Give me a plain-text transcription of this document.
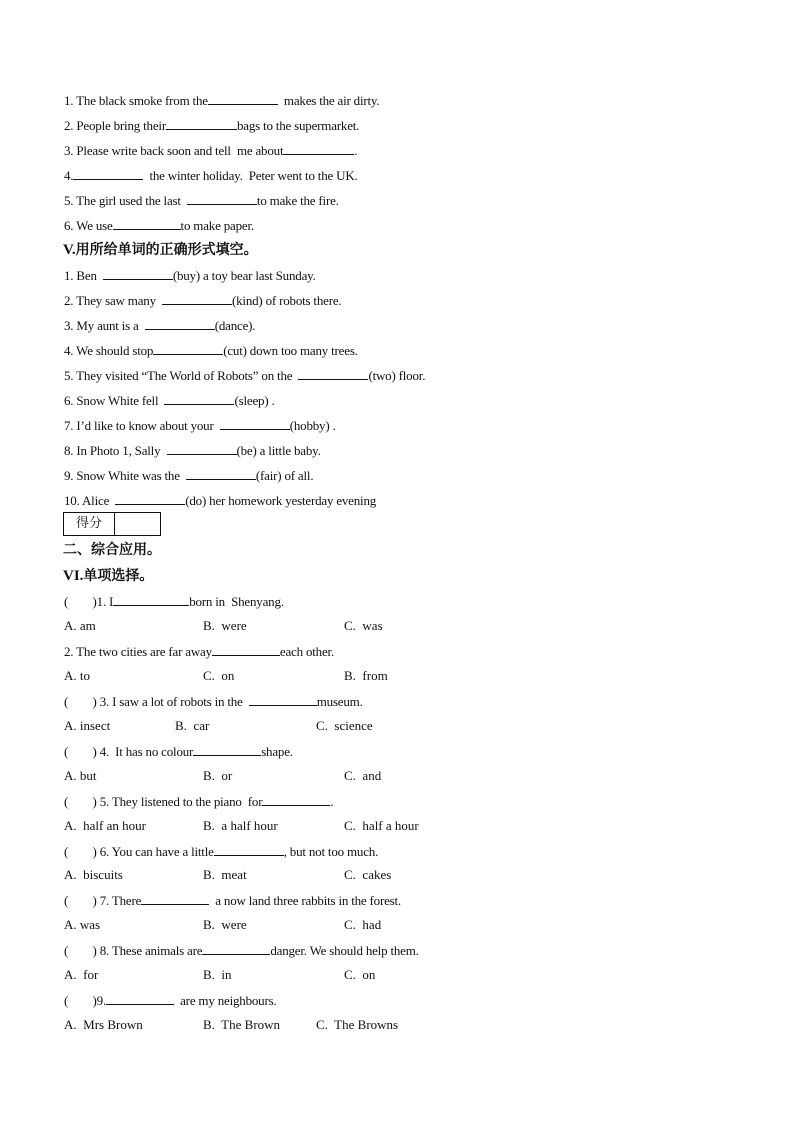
1. The black smoke from the	makes the air dirty.
2. People bring their	bags to the supermarket.
3. Please write back soon and tell  me about	.
4.	the winter holiday.  Peter went to the UK.
5. The girl used the last	to make the fire.
6. We use	to make paper.
V.用所给单词的正确形式填空。
1. Ben	(buy) a toy bear last Sunday.
2. They saw many	(kind) of robots there.
3. My aunt is a	(dance).
4. We should stop	(cut) down too many trees.
5. They visited “The World of Robots” on the	(two) floor.
6. Snow White fell	(sleep) .
7. I’d like to know about your	(hobby) .
8. In Photo 1, Sally	(be) a little baby.
9. Snow White was the	(fair) of all.
10. Alice	(do) her homework yesterday evening
得分
二、综合应用。
VI.单项选择。
(        )1. I	born in  Shenyang.
A. am	B.  were	C.  was
2. The two cities are far away	each other.
A. to	C.  on	B.  from
(        ) 3. I saw a lot of robots in the	museum.
A. insect	B.  car	C.  science
(        ) 4.  It has no colour	shape.
A. but	B.  or	C.  and
(        ) 5. They listened to the piano  for	.
A.  half an hour	B.  a half hour	C.  half a hour
(        ) 6. You can have a little	, but not too much.
A.  biscuits	B.  meat	C.  cakes
(        ) 7. There	a now land three rabbits in the forest.
A. was	B.  were	C.  had
(        ) 8. These animals are	danger. We should help them.
A.  for	B.  in	C.  on
(        )9.	are my neighbours.
A.  Mrs Brown	B.  The Brown	C.  The Browns
